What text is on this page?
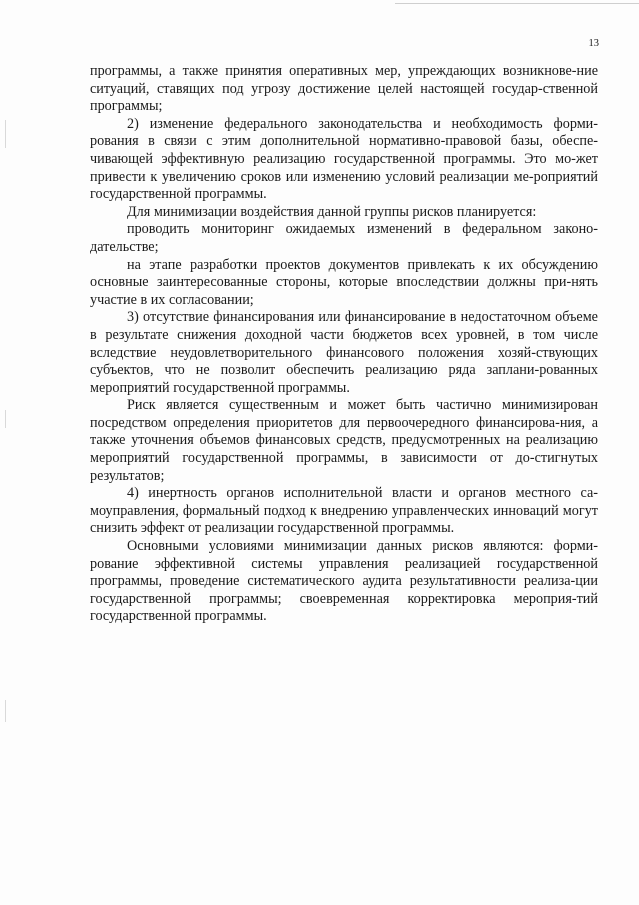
13

программы, а также принятия оперативных мер, упреждающих возникнове-ние ситуаций, ставящих под угрозу достижение целей настоящей государ-ственной программы;

2) изменение федерального законодательства и необходимость форми-рования в связи с этим дополнительной нормативно-правовой базы, обеспе-чивающей эффективную реализацию государственной программы. Это мо-жет привести к увеличению сроков или изменению условий реализации ме-роприятий государственной программы.

Для минимизации воздействия данной группы рисков планируется:

проводить мониторинг ожидаемых изменений в федеральном законо-дательстве;

на этапе разработки проектов документов привлекать к их обсуждению основные заинтересованные стороны, которые впоследствии должны при-нять участие в их согласовании;

3) отсутствие финансирования или финансирование в недостаточном объеме в результате снижения доходной части бюджетов всех уровней, в том числе вследствие неудовлетворительного финансового положения хозяй-ствующих субъектов, что не позволит обеспечить реализацию ряда заплани-рованных мероприятий государственной программы.

Риск является существенным и может быть частично минимизирован посредством определения приоритетов для первоочередного финансирова-ния, а также уточнения объемов финансовых средств, предусмотренных на реализацию мероприятий государственной программы, в зависимости от до-стигнутых результатов;

4) инертность органов исполнительной власти и органов местного са-моуправления, формальный подход к внедрению управленческих инноваций могут снизить эффект от реализации государственной программы.

Основными условиями минимизации данных рисков являются: форми-рование эффективной системы управления реализацией государственной программы, проведение систематического аудита результативности реализа-ции государственной программы; своевременная корректировка мероприя-тий государственной программы.
